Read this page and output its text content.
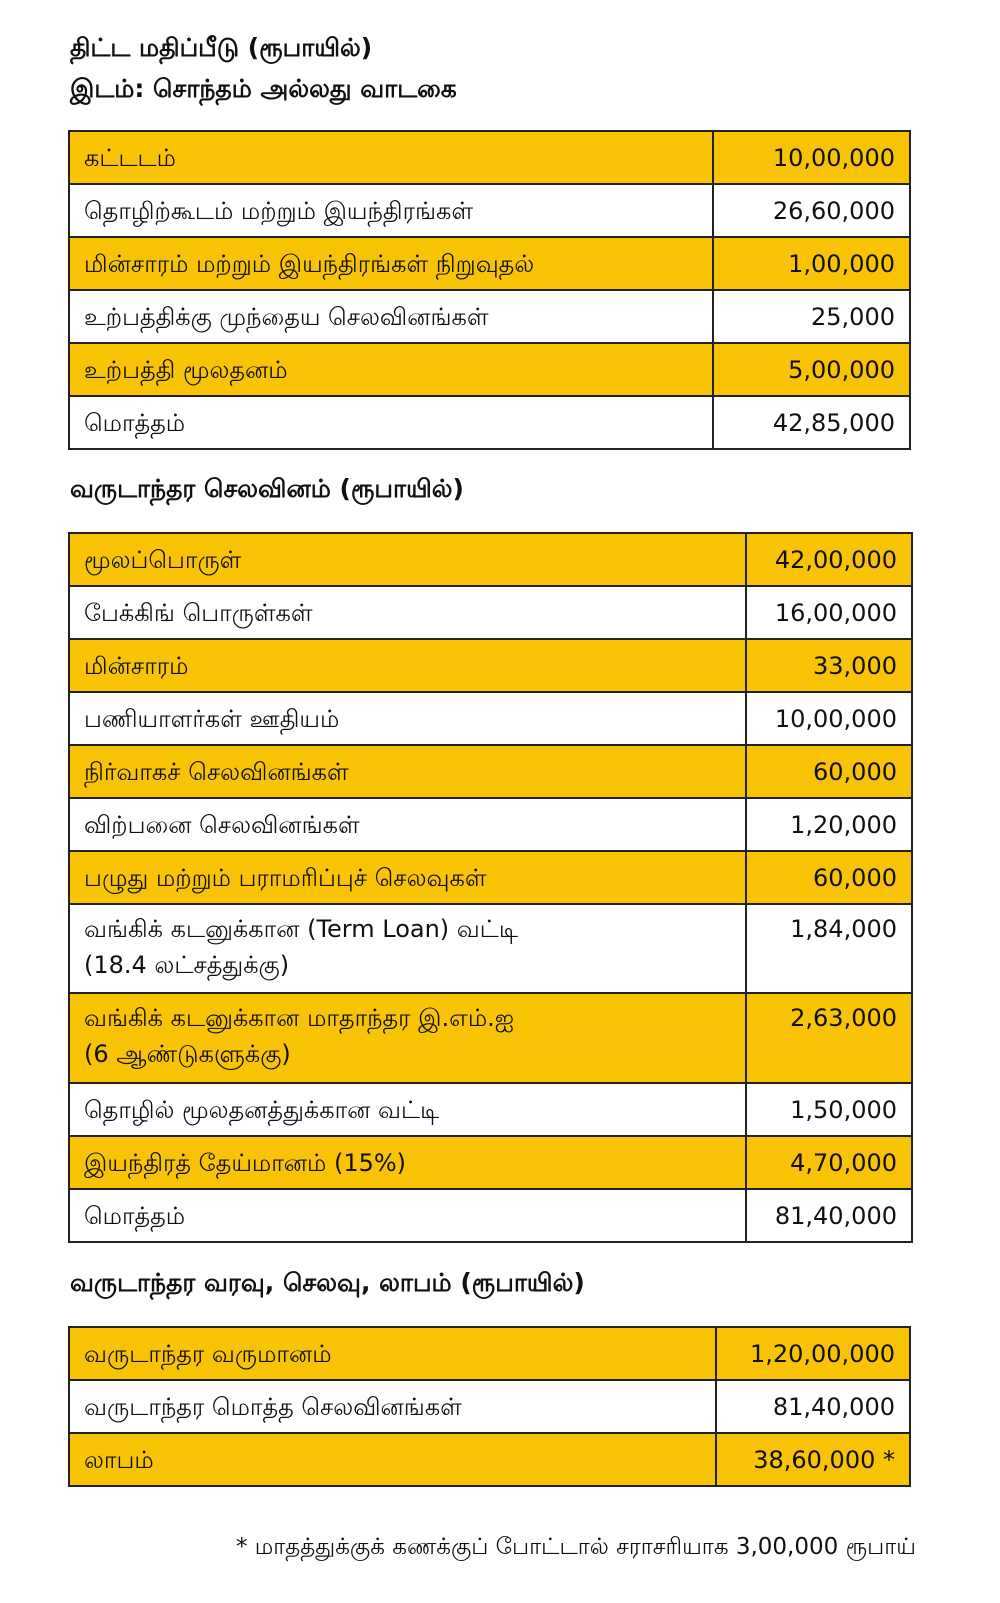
திட்ட மதிப்பீடு (ரூபாயில்)
இடம்: சொந்தம் அல்லது வாடகை
கட்டடம்	10,00,000
தொழிற்கூடம் மற்றும் இயந்திரங்கள்	26,60,000
மின்சாரம் மற்றும் இயந்திரங்கள் நிறுவுதல்	1,00,000
உற்பத்திக்கு முந்தைய செலவினங்கள்	25,000
உற்பத்தி மூலதனம்	5,00,000
மொத்தம்	42,85,000
வருடாந்தர செலவினம் (ரூபாயில்)
மூலப்பொருள்	42,00,000
பேக்கிங் பொருள்கள்	16,00,000
மின்சாரம்	33,000
பணியாளர்கள் ஊதியம்	10,00,000
நிர்வாகச் செலவினங்கள்	60,000
விற்பனை செலவினங்கள்	1,20,000
பழுது மற்றும் பராமரிப்புச் செலவுகள்	60,000

வங்கிக் கடனுக்கான (Term Loan) வட்டி
(18.4 லட்சத்துக்கு)	1,84,000

வங்கிக் கடனுக்கான மாதாந்தர இ.எம்.ஐ
(6 ஆண்டுகளுக்கு)	2,63,000
தொழில் மூலதனத்துக்கான வட்டி	1,50,000
இயந்திரத் தேய்மானம் (15%)	4,70,000
மொத்தம்	81,40,000
வருடாந்தர வரவு, செலவு, லாபம் (ரூபாயில்)
வருடாந்தர வருமானம்	1,20,00,000
வருடாந்தர மொத்த செலவினங்கள்	81,40,000
லாபம்	38,60,000 *
* மாதத்துக்குக் கணக்குப் போட்டால் சராசரியாக 3,00,000 ரூபாய்
